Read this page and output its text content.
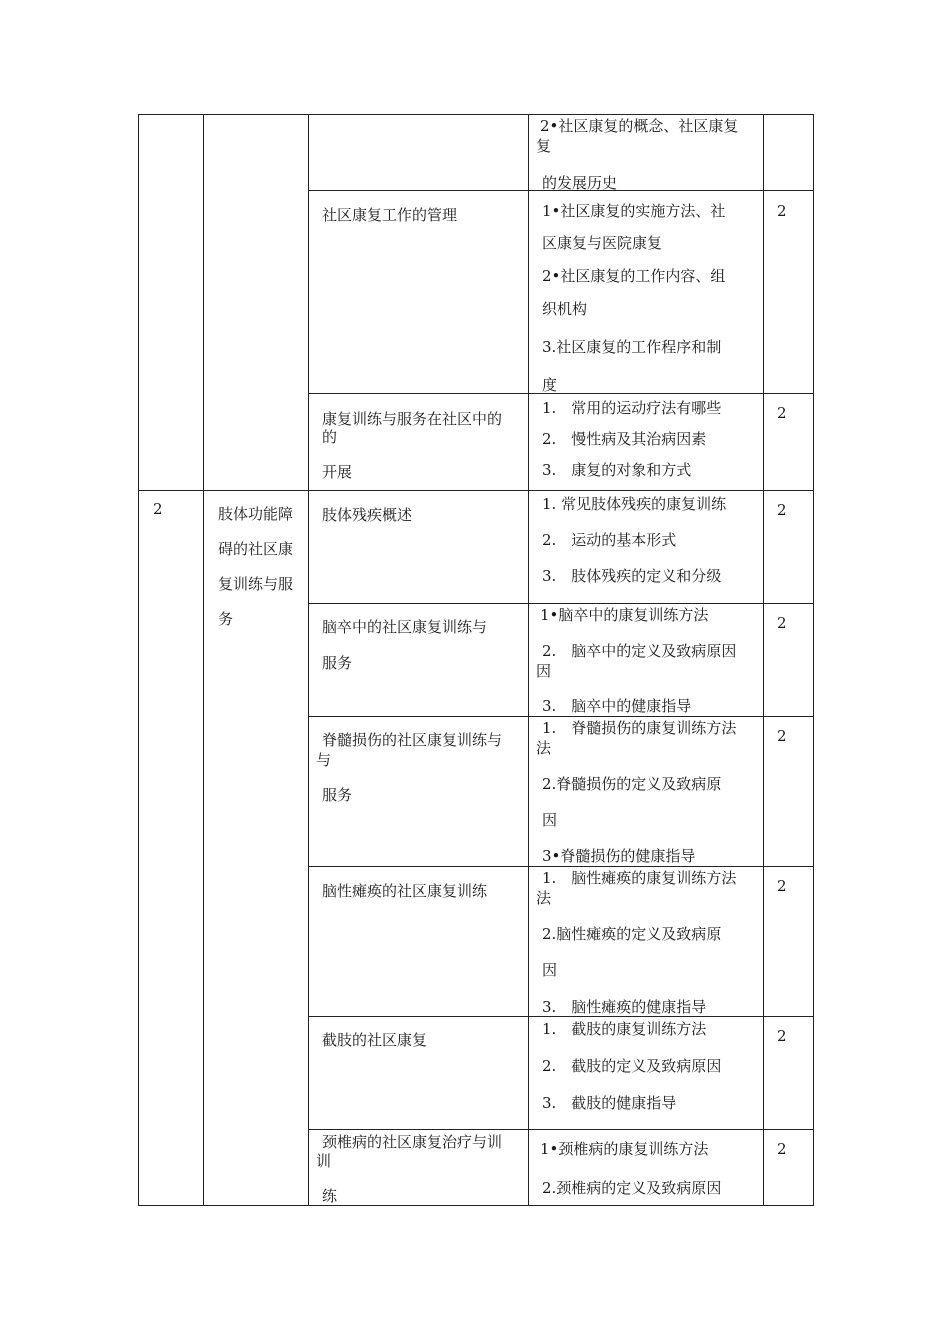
2•社区康复的概念、社区康复
复
的发展历史
社区康复工作的管理	1•社区康复的实施方法、社
区康复与医院康复
2•社区康复的工作内容、组
织机构
3.社区康复的工作程序和制
度
2
康复训练与服务在社区中的
的
开展
1.　常用的运动疗法有哪些
2.　慢性病及其治病因素
3.　康复的对象和方式
2
2	肢体功能障
碍的社区康
复训练与服
务
肢体残疾概述
1. 常见肢体残疾的康复训练
2.　运动的基本形式
3.　肢体残疾的定义和分级
2
脑卒中的社区康复训练与
服务
1•脑卒中的康复训练方法
2.　脑卒中的定义及致病原因
因
3.　脑卒中的健康指导
2
脊髓损伤的社区康复训练与
与
服务
1.　脊髓损伤的康复训练方法
法
2.脊髓损伤的定义及致病原
因
3•脊髓损伤的健康指导
2
脑性瘫痪的社区康复训练
1.　脑性瘫痪的康复训练方法
法
2.脑性瘫痪的定义及致病原
因
3.　脑性瘫痪的健康指导
2
截肢的社区康复
1.　截肢的康复训练方法
2.　截肢的定义及致病原因
3.　截肢的健康指导
2
颈椎病的社区康复治疗与训
训
练
1•颈椎病的康复训练方法
2.颈椎病的定义及致病原因
2
